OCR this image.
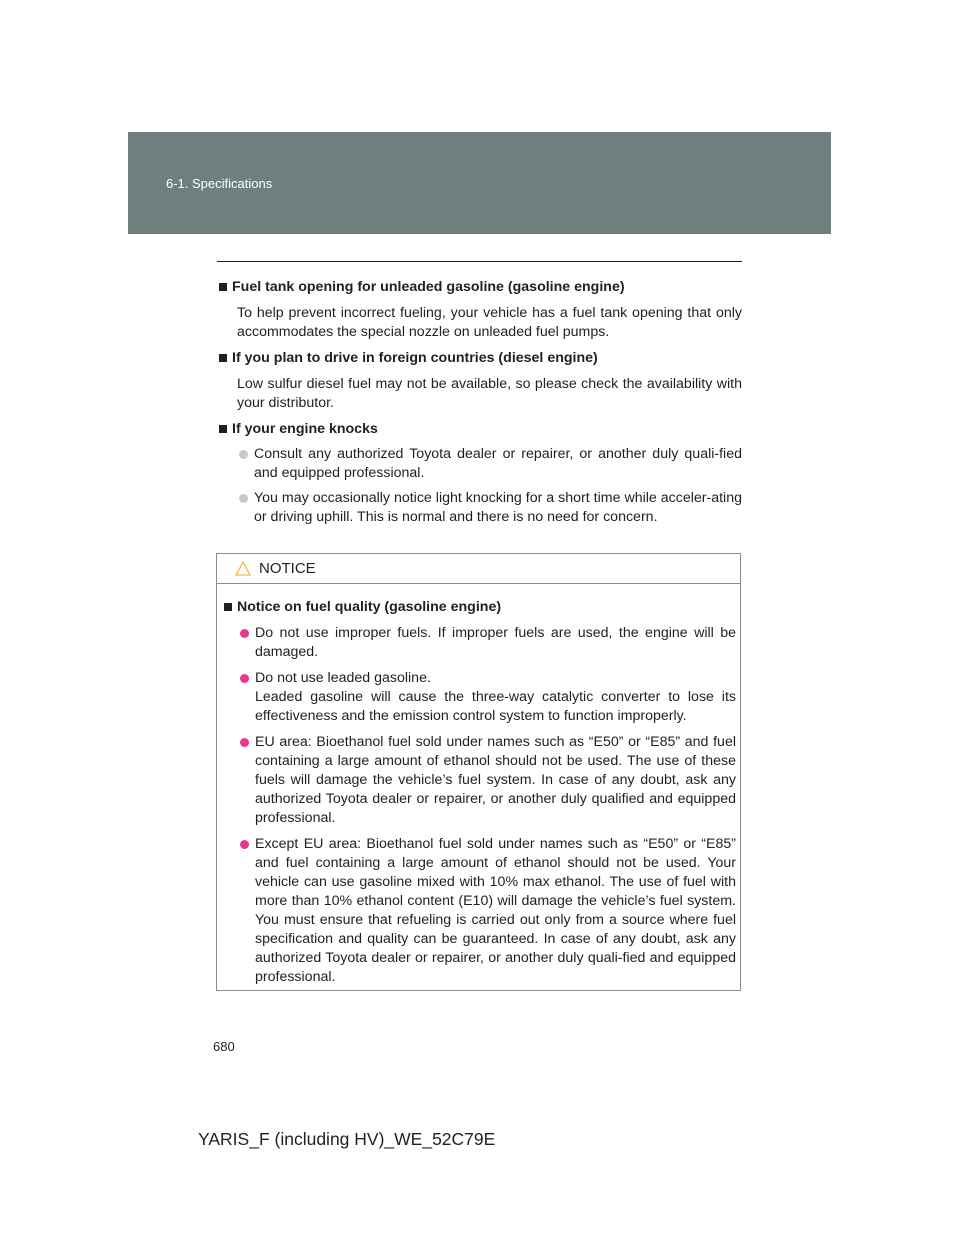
6-1. Specifications
Fuel tank opening for unleaded gasoline (gasoline engine)
To help prevent incorrect fueling, your vehicle has a fuel tank opening that only accommodates the special nozzle on unleaded fuel pumps.
If you plan to drive in foreign countries (diesel engine)
Low sulfur diesel fuel may not be available, so please check the availability with your distributor.
If your engine knocks
Consult any authorized Toyota dealer or repairer, or another duly quali-fied and equipped professional.
You may occasionally notice light knocking for a short time while acceler-ating or driving uphill. This is normal and there is no need for concern.
NOTICE
Notice on fuel quality (gasoline engine)
Do not use improper fuels. If improper fuels are used, the engine will be damaged.
Do not use leaded gasoline.
Leaded gasoline will cause the three-way catalytic converter to lose its effectiveness and the emission control system to function improperly.
EU area: Bioethanol fuel sold under names such as “E50” or “E85” and fuel containing a large amount of ethanol should not be used. The use of these fuels will damage the vehicle’s fuel system. In case of any doubt, ask any authorized Toyota dealer or repairer, or another duly qualified and equipped professional.
Except EU area: Bioethanol fuel sold under names such as “E50” or “E85” and fuel containing a large amount of ethanol should not be used. Your vehicle can use gasoline mixed with 10% max ethanol. The use of fuel with more than 10% ethanol content (E10) will damage the vehicle’s fuel system. You must ensure that refueling is carried out only from a source where fuel specification and quality can be guaranteed. In case of any doubt, ask any authorized Toyota dealer or repairer, or another duly quali-fied and equipped professional.
680
YARIS_F (including HV)_WE_52C79E
